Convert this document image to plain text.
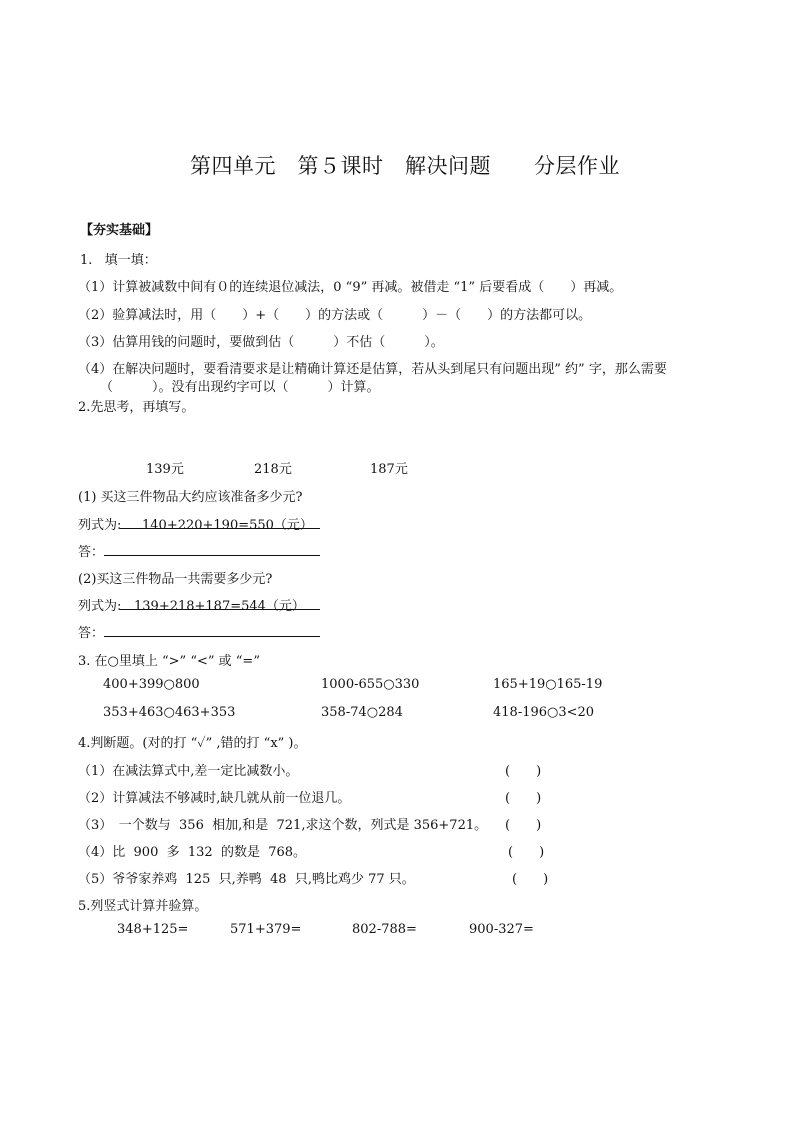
第四单元　第５课时　解决问题　　分层作业
【夯实基础】
1.   填一填：
（1）计算被减数中间有０的连续退位减法，0 “9” 再减。被借走 “1” 后要看成（　　）再减。
（2）验算减法时，用（　　）+（　　）的方法或（　　　）－（　　）的方法都可以。
（3）估算用钱的问题时，要做到估（　　　）不估（　　　）。
（4）在解决问题时，要看清要求是让精确计算还是估算，若从头到尾只有问题出现” 约” 字，那么需要
（　　　）。没有出现约字可以（　　　）计算。
2.先思考，再填写。
139元	218元	187元
(1) 买这三件物品大约应该准备多少元?
列式为: 140+220+190=550（元）
答：
(2)买这三件物品一共需要多少元?
列式为: 139+218+187=544（元）
答：
3. 在○里填上 “>” “<” 或 “=”
400+399○800	1000-655○330	165+19○165-19
353+463○463+353	358-74○284	418-196○3<20
4.判断题。(对的打 “✓” ,错的打 “x” )。
（1）在减法算式中,差一定比减数小。	(　　)
（2）计算减法不够减时,缺几就从前一位退几。	(　　)
（3）　一个数与  356  相加,和是  721,求这个数，列式是 356+721。 (　　)
（4）比  900  多  132  的数是  768。	(　　)
（5）爷爷家养鸡  125  只,养鸭  48  只,鸭比鸡少 77 只。	(　　)
5.列竖式计算并验算。
348+125=	571+379=	802-788=	900-327=
